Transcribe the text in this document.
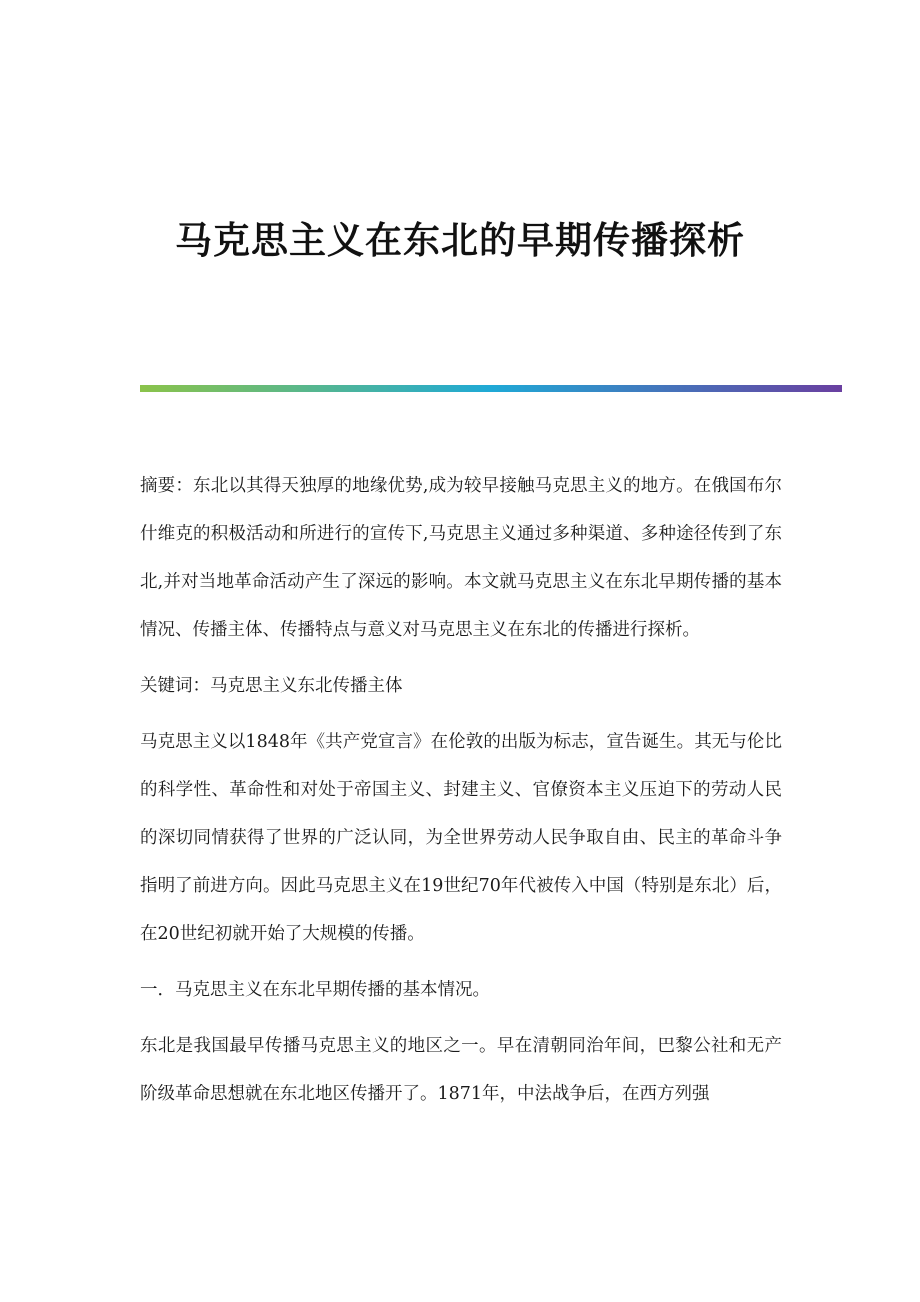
马克思主义在东北的早期传播探析

摘要：东北以其得天独厚的地缘优势,成为较早接触马克思主义的地方。在俄国布尔什维克的积极活动和所进行的宣传下,马克思主义通过多种渠道、多种途径传到了东北,并对当地革命活动产生了深远的影响。本文就马克思主义在东北早期传播的基本情况、传播主体、传播特点与意义对马克思主义在东北的传播进行探析。

关键词：马克思主义东北传播主体

马克思主义以1848年《共产党宣言》在伦敦的出版为标志，宣告诞生。其无与伦比的科学性、革命性和对处于帝国主义、封建主义、官僚资本主义压迫下的劳动人民的深切同情获得了世界的广泛认同，为全世界劳动人民争取自由、民主的革命斗争指明了前进方向。因此马克思主义在19世纪70年代被传入中国（特别是东北）后，在20世纪初就开始了大规模的传播。

一．马克思主义在东北早期传播的基本情况。

东北是我国最早传播马克思主义的地区之一。早在清朝同治年间，巴黎公社和无产阶级革命思想就在东北地区传播开了。1871年，中法战争后，在西方列强
